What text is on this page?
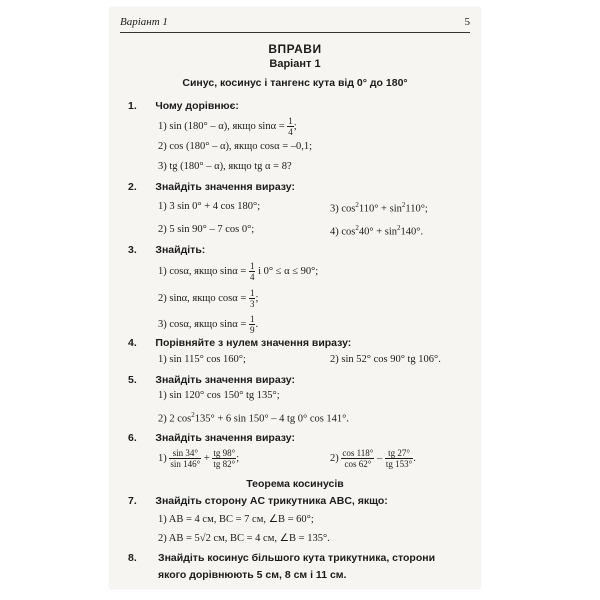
Варіант 1	5
ВПРАВИ
Варіант 1
Синус, косинус і тангенс кута від 0° до 180°
1. Чому дорівнює:
1) sin (180° – α), якщо $\sin\alpha = \frac{1}{4}$ ;
2) cos (180° – α), якщо cosα = –0,1;
3) tg (180° – α), якщо tg α = 8?
2. Знайдіть значення виразу:
1) 3 sin 0° + 4 cos 180°;	3) $\cos^2110^\circ + \sin^2110^\circ$;
2) 5 sin 90° – 7 cos 0°;	4) $\cos^240^\circ + \sin^2140^\circ$.
3. Знайдіть:
1) cosα, якщо $\sin\alpha = \frac{1}{4}$ і 0° ≤ α ≤ 90°;
2) sinα, якщо $\cos\alpha = \frac{1}{3}$ ;
3) cosα, якщо $\sin\alpha = \frac{1}{9}$ .
4. Порівняйте з нулем значення виразу:
1) sin 115° cos 160°;	2) sin 52° cos 90° tg 106°.
5. Знайдіть значення виразу:
1) sin 120° cos 150° tg 135°;
2) 2 $\cos^2135^\circ + 6$ sin 150° – 4 tg 0° cos 141°.
6. Знайдіть значення виразу:
$1) \frac{\sin 34^\circ}{\sin 146^\circ} + \frac{tg 98^\circ}{tg 82^\circ}$ ;	$2) \frac{\cos 118^\circ}{\cos 62^\circ} - \frac{tg 27^\circ}{tg 153^\circ}$ .
Теорема косинусів
7. Знайдіть сторону AC трикутника ABC, якщо:
1) AB = 4 см, BC = 7 см, ∠B = 60°;
2) AB = 5√2 см, BC = 4 см, ∠B = 135°.
8. Знайдіть косинус більшого кута трикутника, сторони якого дорівнюють 5 см, 8 см і 11 см.
